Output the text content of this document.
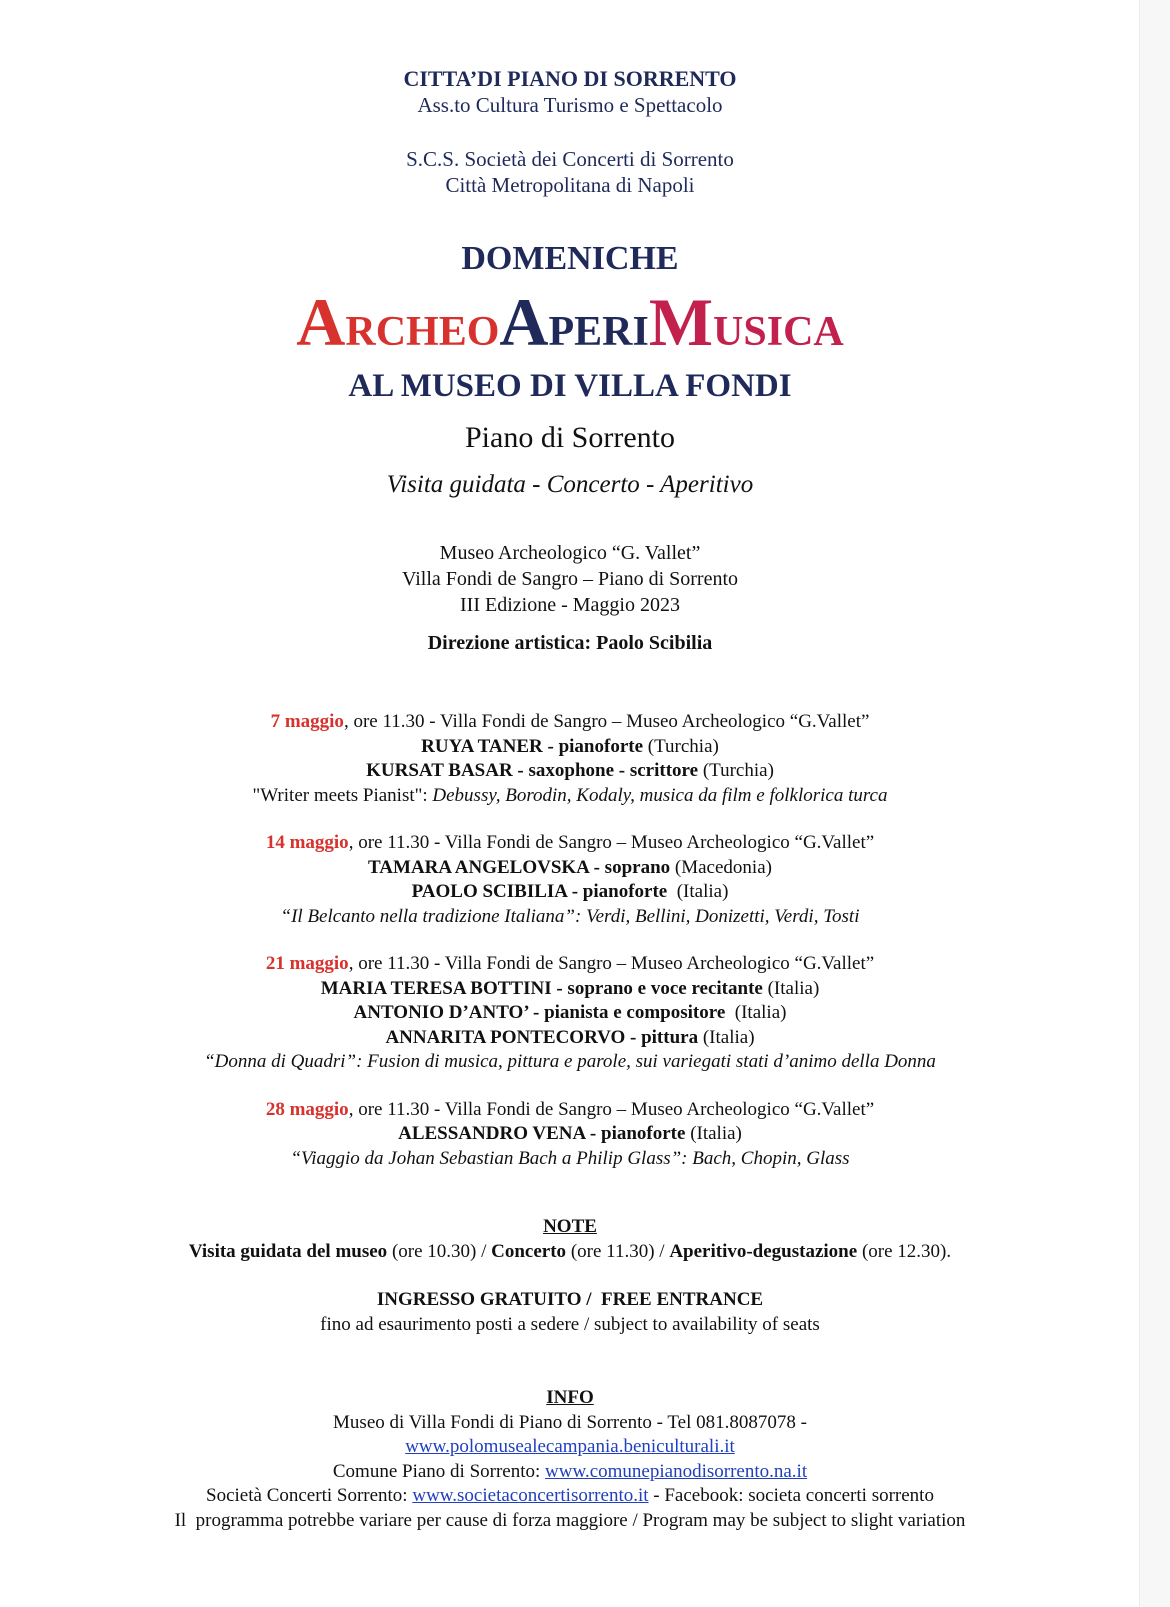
CITTA’DI PIANO DI SORRENTO
Ass.to Cultura Turismo e Spettacolo
S.C.S. Società dei Concerti di Sorrento
Città Metropolitana di Napoli
DOMENICHE
ARCHEOAPERIMUSICA
AL MUSEO DI VILLA FONDI
Piano di Sorrento
Visita guidata - Concerto - Aperitivo
Museo Archeologico “G. Vallet”
Villa Fondi de Sangro – Piano di Sorrento
III Edizione - Maggio 2023
Direzione artistica: Paolo Scibilia
7 maggio, ore 11.30 - Villa Fondi de Sangro – Museo Archeologico “G.Vallet”
RUYA TANER - pianoforte (Turchia)
KURSAT BASAR - saxophone - scrittore (Turchia)
"Writer meets Pianist": Debussy, Borodin, Kodaly, musica da film e folklorica turca
14 maggio, ore 11.30 - Villa Fondi de Sangro – Museo Archeologico “G.Vallet”
TAMARA ANGELOVSKA - soprano (Macedonia)
PAOLO SCIBILIA - pianoforte  (Italia)
“Il Belcanto nella tradizione Italiana”: Verdi, Bellini, Donizetti, Verdi, Tosti
21 maggio, ore 11.30 - Villa Fondi de Sangro – Museo Archeologico “G.Vallet”
MARIA TERESA BOTTINI - soprano e voce recitante (Italia)
ANTONIO D’ANTO’ - pianista e compositore  (Italia)
ANNARITA PONTECORVO - pittura (Italia)
“Donna di Quadri”: Fusion di musica, pittura e parole, sui variegati stati d’animo della Donna
28 maggio, ore 11.30 - Villa Fondi de Sangro – Museo Archeologico “G.Vallet”
ALESSANDRO VENA - pianoforte (Italia)
“Viaggio da Johan Sebastian Bach a Philip Glass”: Bach, Chopin, Glass
NOTE
Visita guidata del museo (ore 10.30) / Concerto (ore 11.30) / Aperitivo-degustazione (ore 12.30).
INGRESSO GRATUITO /  FREE ENTRANCE
fino ad esaurimento posti a sedere / subject to availability of seats
INFO
Museo di Villa Fondi di Piano di Sorrento - Tel 081.8087078 -
www.polomusealecampania.beniculturali.it
Comune Piano di Sorrento: www.comunepianodisorrento.na.it
Società Concerti Sorrento: www.societaconcertisorrento.it - Facebook: societa concerti sorrento
Il  programma potrebbe variare per cause di forza maggiore / Program may be subject to slight variation
